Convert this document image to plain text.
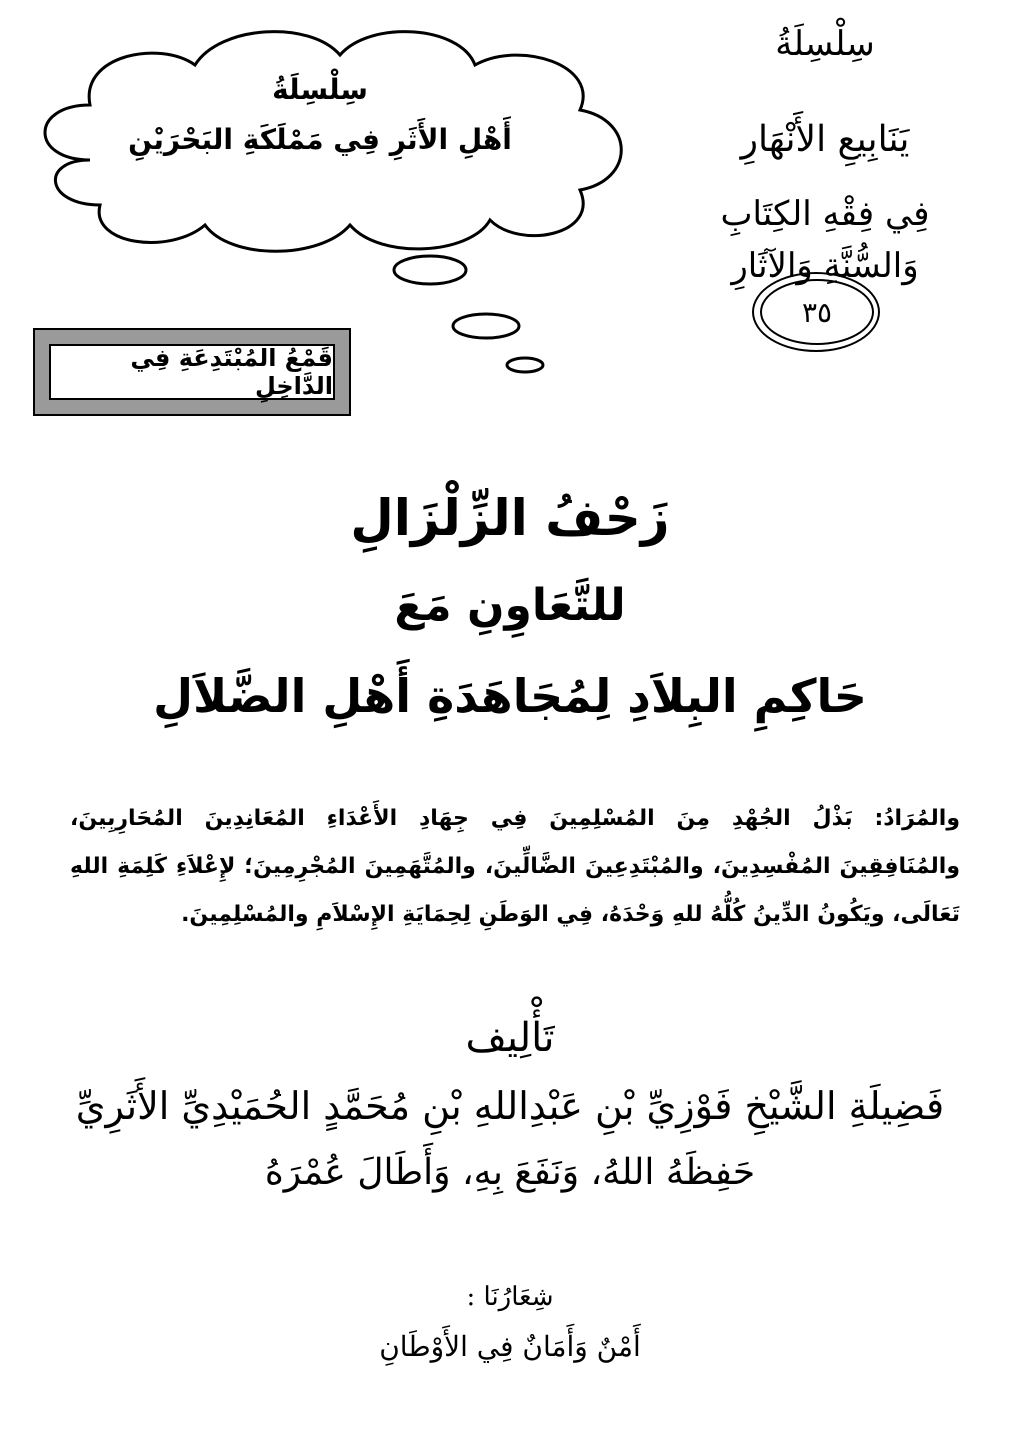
سِلْسِلَةُ
يَنَابِيعِ الأَنْهَارِ
فِي فِقْهِ الكِتَابِ وَالسُّنَّةِ وَالآثَارِ
٣٥
سِلْسِلَةُ
أَهْلِ الأَثَرِ فِي مَمْلَكَةِ البَحْرَيْنِ
قَمْعُ المُبْتَدِعَةِ فِي الدَّاخِلِ
زَحْفُ الزِّلْزَالِ
للتَّعَاوِنِ مَعَ
حَاكِمِ البِلاَدِ لِمُجَاهَدَةِ أَهْلِ الضَّلاَلِ
والمُرَادُ: بَذْلُ الجُهْدِ مِنَ المُسْلِمِينَ فِي جِهَادِ الأَعْدَاءِ المُعَانِدِينَ المُحَارِبِينَ، والمُنَافِقِينَ المُفْسِدِينَ، والمُبْتَدِعِينَ الضَّالِّينَ، والمُتَّهَمِينَ المُجْرِمِينَ؛ لإِعْلاَءِ كَلِمَةِ اللهِ تَعَالَى، ويَكُونُ الدِّينُ كُلُّهُ للهِ وَحْدَهُ، فِي الوَطَنِ لِحِمَايَةِ الإِسْلاَمِ والمُسْلِمِينَ.
تَأْلِيف
فَضِيلَةِ الشَّيْخِ فَوْزِيِّ بْنِ عَبْدِاللهِ بْنِ مُحَمَّدٍ الحُمَيْدِيِّ الأَثَرِيِّ
حَفِظَهُ اللهُ، وَنَفَعَ بِهِ، وَأَطَالَ عُمْرَهُ
شِعَارُنَا :
أَمْنٌ وَأَمَانٌ فِي الأَوْطَانِ
